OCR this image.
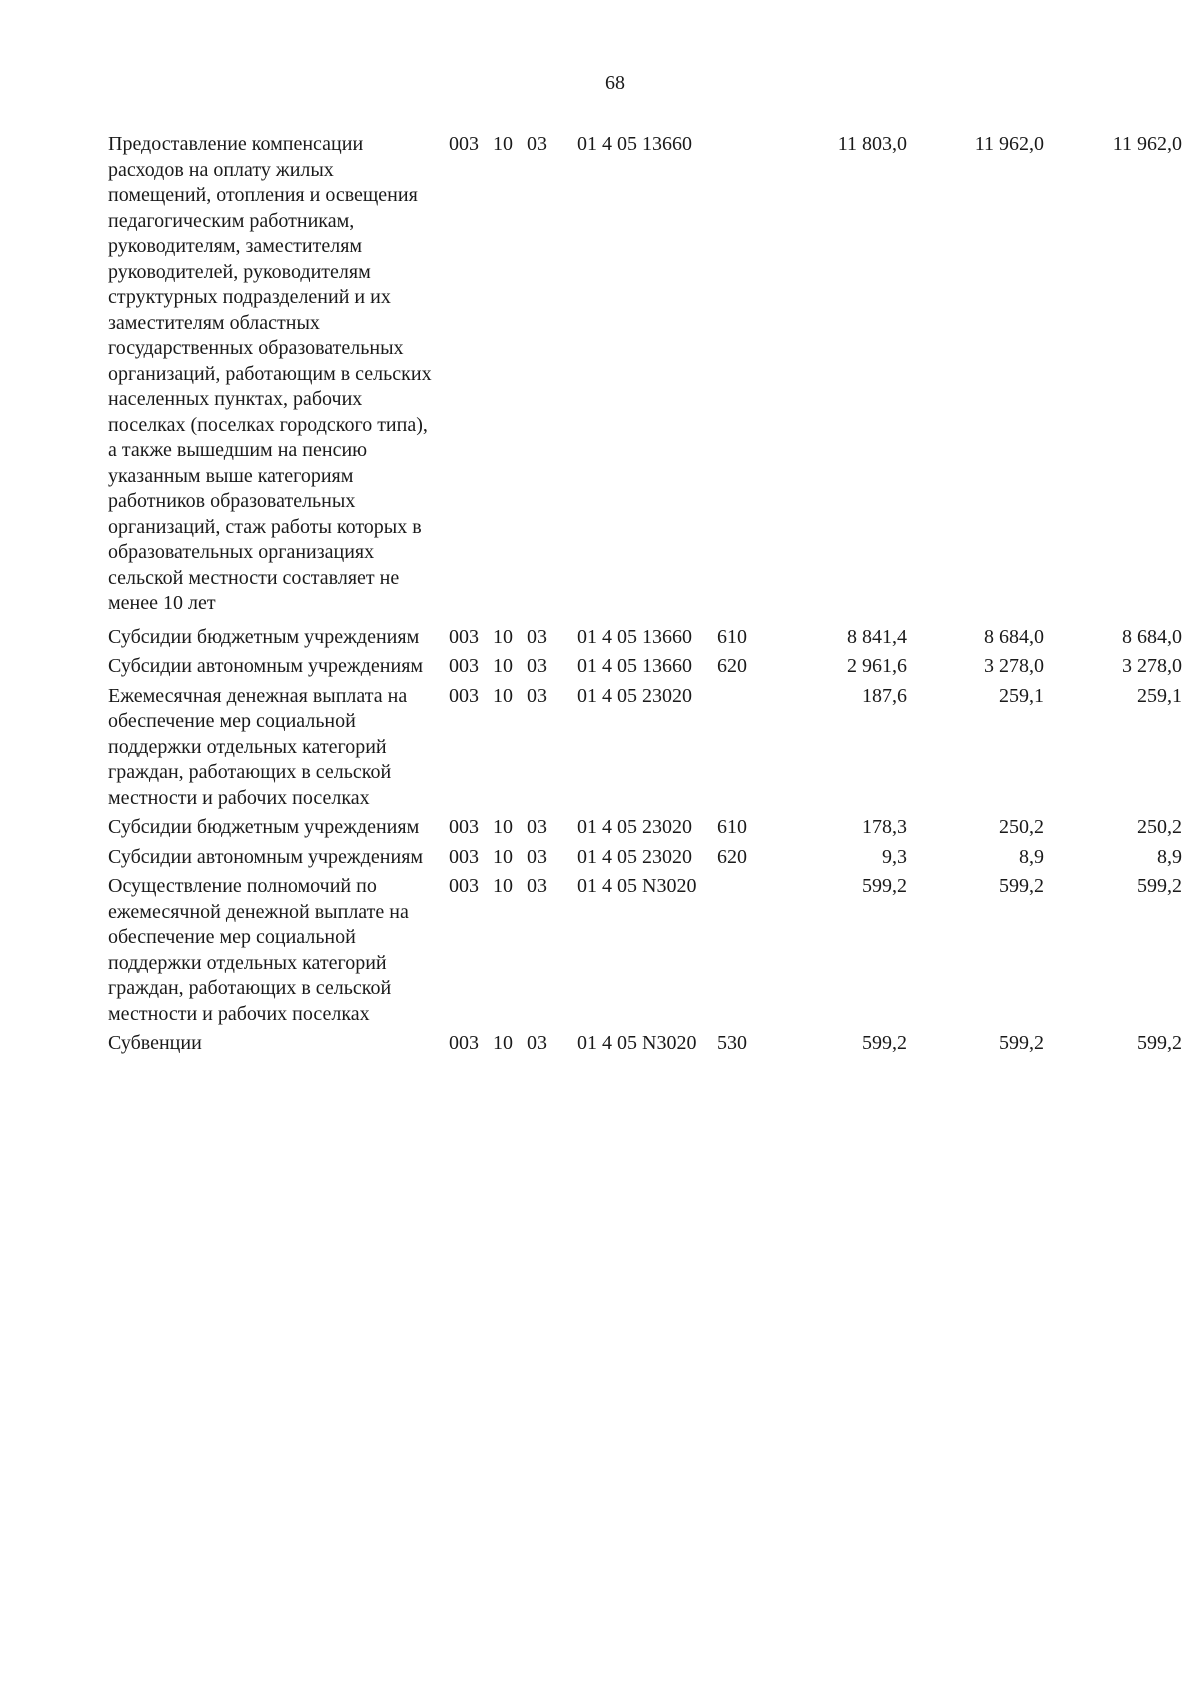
68
Предоставление компенсации расходов на оплату жилых помещений, отопления и освещения педагогическим работникам, руководителям, заместителям руководителей, руководителям структурных подразделений и их заместителям областных государственных образовательных организаций, работающим в сельских населенных пунктах, рабочих поселках (поселках городского типа), а также вышедшим на пенсию указанным выше категориям работников образовательных организаций, стаж работы которых в образовательных организациях сельской местности составляет не менее 10 лет	003	10	03	01 4 05 13660		11 803,0	11 962,0	11 962,0
Субсидии бюджетным учреждениям	003	10	03	01 4 05 13660	610	8 841,4	8 684,0	8 684,0
Субсидии автономным учреждениям	003	10	03	01 4 05 13660	620	2 961,6	3 278,0	3 278,0
Ежемесячная денежная выплата на обеспечение мер социальной поддержки отдельных категорий граждан, работающих в сельской местности и рабочих поселках	003	10	03	01 4 05 23020		187,6	259,1	259,1
Субсидии бюджетным учреждениям	003	10	03	01 4 05 23020	610	178,3	250,2	250,2
Субсидии автономным учреждениям	003	10	03	01 4 05 23020	620	9,3	8,9	8,9
Осуществление полномочий по ежемесячной денежной выплате на обеспечение мер социальной поддержки отдельных категорий граждан, работающих в сельской местности и рабочих поселках	003	10	03	01 4 05 N3020		599,2	599,2	599,2
Субвенции	003	10	03	01 4 05 N3020	530	599,2	599,2	599,2
